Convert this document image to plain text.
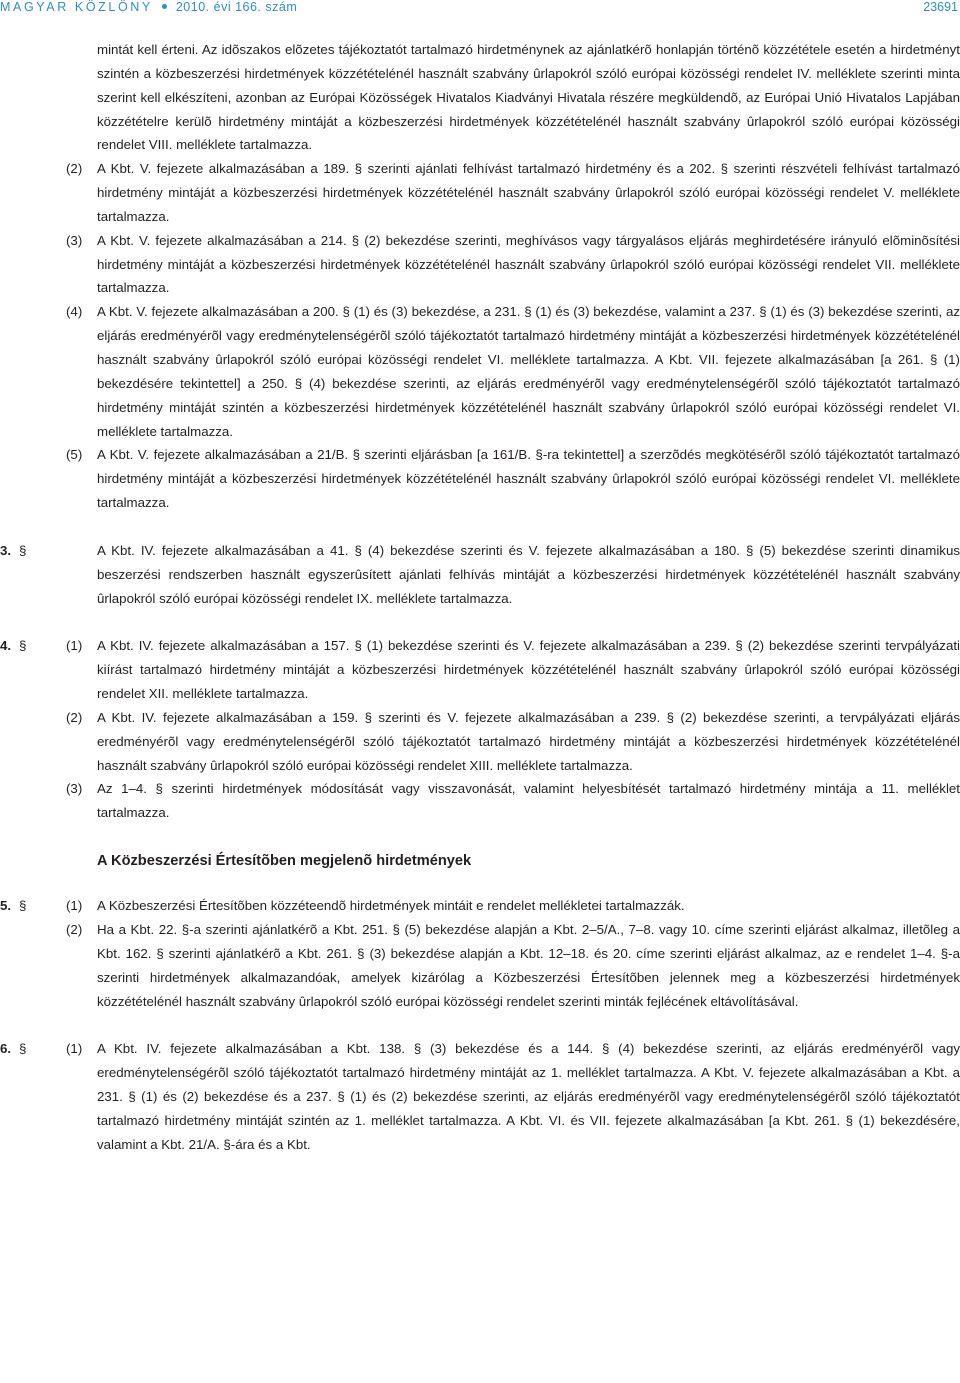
MAGYAR KÖZLÖNY 2010. évi 166. szám	23691
mintát kell érteni. Az idõszakos elõzetes tájékoztatót tartalmazó hirdetménynek az ajánlatkérõ honlapján történõ közzététele esetén a hirdetményt szintén a közbeszerzési hirdetmények közzétételénél használt szabvány ûrlapokról szóló európai közösségi rendelet IV. melléklete szerinti minta szerint kell elkészíteni, azonban az Európai Közösségek Hivatalos Kiadványi Hivatala részére megküldendõ, az Európai Unió Hivatalos Lapjában közzétételre kerülõ hirdetmény mintáját a közbeszerzési hirdetmények közzétételénél használt szabvány ûrlapokról szóló európai közösségi rendelet VIII. melléklete tartalmazza.
(2) A Kbt. V. fejezete alkalmazásában a 189. § szerinti ajánlati felhívást tartalmazó hirdetmény és a 202. § szerinti részvételi felhívást tartalmazó hirdetmény mintáját a közbeszerzési hirdetmények közzétételénél használt szabvány ûrlapokról szóló európai közösségi rendelet V. melléklete tartalmazza.
(3) A Kbt. V. fejezete alkalmazásában a 214. § (2) bekezdése szerinti, meghívásos vagy tárgyalásos eljárás meghirdetésére irányuló elõminõsítési hirdetmény mintáját a közbeszerzési hirdetmények közzétételénél használt szabvány ûrlapokról szóló európai közösségi rendelet VII. melléklete tartalmazza.
(4) A Kbt. V. fejezete alkalmazásában a 200. § (1) és (3) bekezdése, a 231. § (1) és (3) bekezdése, valamint a 237. § (1) és (3) bekezdése szerinti, az eljárás eredményérõl vagy eredménytelenségérõl szóló tájékoztatót tartalmazó hirdetmény mintáját a közbeszerzési hirdetmények közzétételénél használt szabvány ûrlapokról szóló európai közösségi rendelet VI. melléklete tartalmazza. A Kbt. VII. fejezete alkalmazásában [a 261. § (1) bekezdésére tekintettel] a 250. § (4) bekezdése szerinti, az eljárás eredményérõl vagy eredménytelenségérõl szóló tájékoztatót tartalmazó hirdetmény mintáját szintén a közbeszerzési hirdetmények közzétételénél használt szabvány ûrlapokról szóló európai közösségi rendelet VI. melléklete tartalmazza.
(5) A Kbt. V. fejezete alkalmazásában a 21/B. § szerinti eljárásban [a 161/B. §-ra tekintettel] a szerzõdés megkötésérõl szóló tájékoztatót tartalmazó hirdetmény mintáját a közbeszerzési hirdetmények közzétételénél használt szabvány ûrlapokról szóló európai közösségi rendelet VI. melléklete tartalmazza.
3. §	A Kbt. IV. fejezete alkalmazásában a 41. § (4) bekezdése szerinti és V. fejezete alkalmazásában a 180. § (5) bekezdése szerinti dinamikus beszerzési rendszerben használt egyszerûsített ajánlati felhívás mintáját a közbeszerzési hirdetmények közzétételénél használt szabvány ûrlapokról szóló európai közösségi rendelet IX. melléklete tartalmazza.
4. §	(1) A Kbt. IV. fejezete alkalmazásában a 157. § (1) bekezdése szerinti és V. fejezete alkalmazásában a 239. § (2) bekezdése szerinti tervpályázati kiírást tartalmazó hirdetmény mintáját a közbeszerzési hirdetmények közzétételénél használt szabvány ûrlapokról szóló európai közösségi rendelet XII. melléklete tartalmazza.
(2) A Kbt. IV. fejezete alkalmazásában a 159. § szerinti és V. fejezete alkalmazásában a 239. § (2) bekezdése szerinti, a tervpályázati eljárás eredményérõl vagy eredménytelenségérõl szóló tájékoztatót tartalmazó hirdetmény mintáját a közbeszerzési hirdetmények közzétételénél használt szabvány ûrlapokról szóló európai közösségi rendelet XIII. melléklete tartalmazza.
(3) Az 1–4. § szerinti hirdetmények módosítását vagy visszavonását, valamint helyesbítését tartalmazó hirdetmény mintája a 11. melléklet tartalmazza.
A Közbeszerzési Értesítõben megjelenõ hirdetmények
5. §	(1) A Közbeszerzési Értesítõben közzéteendõ hirdetmények mintáit e rendelet mellékletei tartalmazzák.
(2) Ha a Kbt. 22. §-a szerinti ajánlatkérõ a Kbt. 251. § (5) bekezdése alapján a Kbt. 2–5/A., 7–8. vagy 10. címe szerinti eljárást alkalmaz, illetõleg a Kbt. 162. § szerinti ajánlatkérõ a Kbt. 261. § (3) bekezdése alapján a Kbt. 12–18. és 20. címe szerinti eljárást alkalmaz, az e rendelet 1–4. §-a szerinti hirdetmények alkalmazandóak, amelyek kizárólag a Közbeszerzési Értesítõben jelennek meg a közbeszerzési hirdetmények közzétételénél használt szabvány ûrlapokról szóló európai közösségi rendelet szerinti minták fejlécének eltávolításával.
6. §	(1) A Kbt. IV. fejezete alkalmazásában a Kbt. 138. § (3) bekezdése és a 144. § (4) bekezdése szerinti, az eljárás eredményérõl vagy eredménytelenségérõl szóló tájékoztatót tartalmazó hirdetmény mintáját az 1. melléklet tartalmazza. A Kbt. V. fejezete alkalmazásában a Kbt. a 231. § (1) és (2) bekezdése és a 237. § (1) és (2) bekezdése szerinti, az eljárás eredményérõl vagy eredménytelenségérõl szóló tájékoztatót tartalmazó hirdetmény mintáját szintén az 1. melléklet tartalmazza. A Kbt. VI. és VII. fejezete alkalmazásában [a Kbt. 261. § (1) bekezdésére, valamint a Kbt. 21/A. §-ára és a Kbt.
